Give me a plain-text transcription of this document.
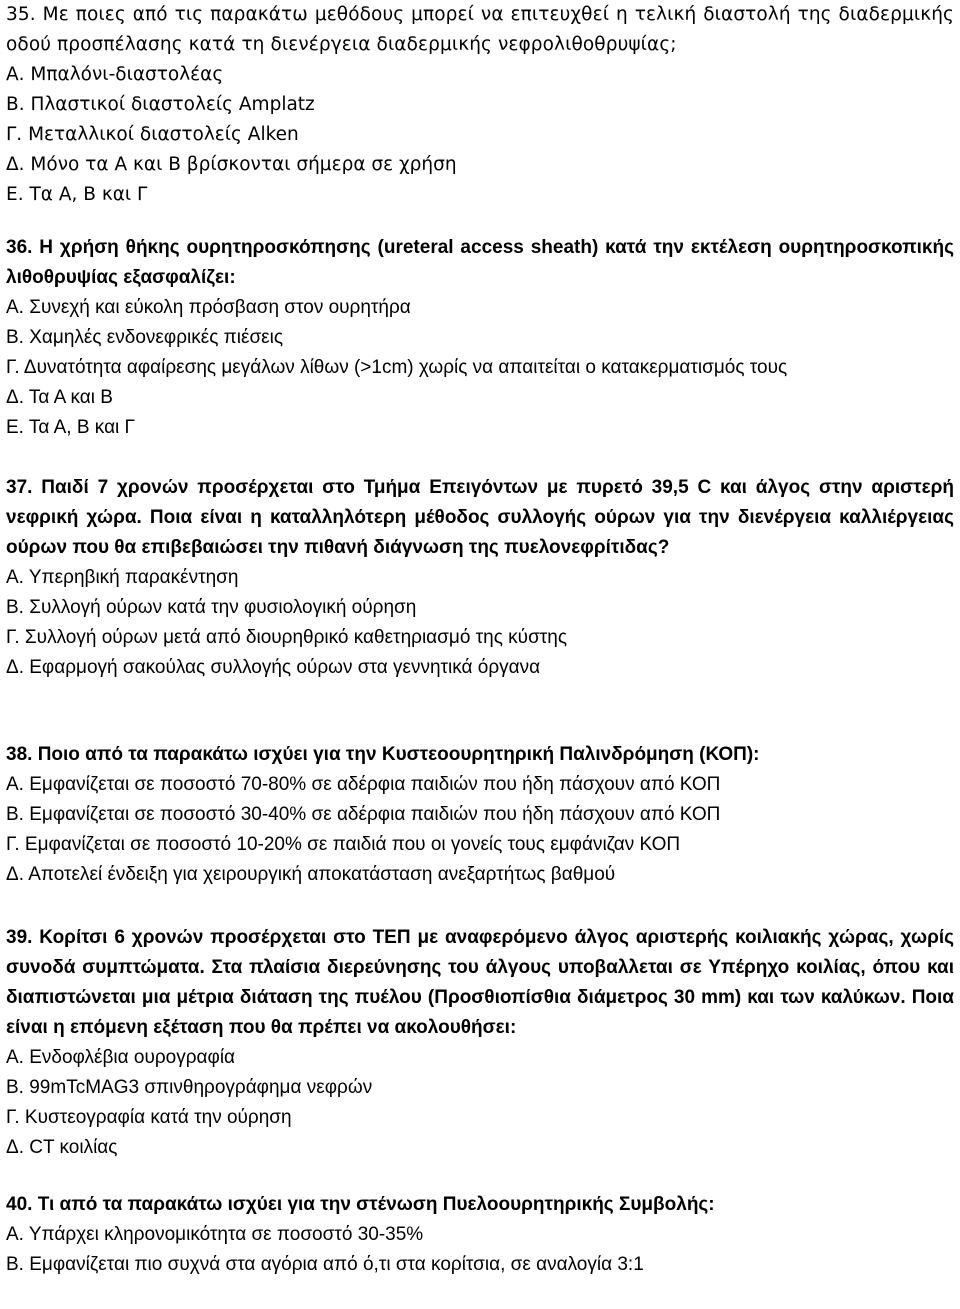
35. Με ποιες από τις παρακάτω μεθόδους μπορεί να επιτευχθεί η τελική διαστολή της διαδερμικής οδού προσπέλασης κατά τη διενέργεια διαδερμικής νεφρολιθοθρυψίας;

Α. Μπαλόνι-διαστολέας

Β. Πλαστικοί διαστολείς Amplatz

Γ. Μεταλλικοί διαστολείς Alken

Δ. Μόνο τα Α και Β βρίσκονται σήμερα σε χρήση

Ε. Τα Α, Β και Γ

36. Η χρήση θήκης ουρητηροσκόπησης (ureteral access sheath) κατά την εκτέλεση ουρητηροσκοπικής λιθοθρυψίας εξασφαλίζει:

Α. Συνεχή και εύκολη πρόσβαση στον ουρητήρα

Β. Χαμηλές ενδονεφρικές πιέσεις

Γ. Δυνατότητα αφαίρεσης μεγάλων λίθων (>1cm) χωρίς να απαιτείται ο κατακερματισμός τους

Δ. Τα Α και Β

Ε. Τα Α, Β και Γ

37. Παιδί 7 χρονών προσέρχεται στο Τμήμα Επειγόντων με πυρετό 39,5 C και άλγος στην αριστερή νεφρική χώρα. Ποια είναι η καταλληλότερη μέθοδος συλλογής ούρων για την διενέργεια καλλιέργειας ούρων που θα επιβεβαιώσει την πιθανή διάγνωση της πυελονεφρίτιδας?

Α. Υπερηβική παρακέντηση

Β. Συλλογή ούρων κατά την φυσιολογική ούρηση

Γ. Συλλογή ούρων μετά από διουρηθρικό καθετηριασμό της κύστης

Δ. Εφαρμογή σακούλας συλλογής ούρων στα γεννητικά όργανα

38. Ποιο από τα παρακάτω ισχύει για την Κυστεοουρητηρική Παλινδρόμηση (ΚΟΠ):

Α. Εμφανίζεται σε ποσοστό 70-80% σε αδέρφια παιδιών που ήδη πάσχουν από ΚΟΠ

Β. Εμφανίζεται σε ποσοστό 30-40% σε αδέρφια παιδιών που ήδη πάσχουν από ΚΟΠ

Γ. Εμφανίζεται σε ποσοστό 10-20% σε παιδιά που οι γονείς τους εμφάνιζαν ΚΟΠ

Δ. Αποτελεί ένδειξη για χειρουργική αποκατάσταση ανεξαρτήτως βαθμού

39. Κορίτσι 6 χρονών προσέρχεται στο ΤΕΠ με αναφερόμενο άλγος αριστερής κοιλιακής χώρας, χωρίς συνοδά συμπτώματα. Στα πλαίσια διερεύνησης του άλγους υποβαλλεται σε Υπέρηχο κοιλίας, όπου και διαπιστώνεται μια μέτρια διάταση της πυέλου (Προσθιοπίσθια διάμετρος 30 mm) και των καλύκων. Ποια είναι η επόμενη εξέταση που θα πρέπει να ακολουθήσει:

Α. Ενδοφλέβια ουρογραφία

Β. 99mTcMAG3 σπινθηρογράφημα νεφρών

Γ. Κυστεογραφία κατά την ούρηση

Δ. CT κοιλίας

40. Τι από τα παρακάτω ισχύει για την στένωση Πυελοουρητηρικής Συμβολής:

Α. Υπάρχει κληρονομικότητα σε ποσοστό 30-35%

Β. Εμφανίζεται πιο συχνά στα αγόρια από ό,τι στα κορίτσια, σε αναλογία 3:1
